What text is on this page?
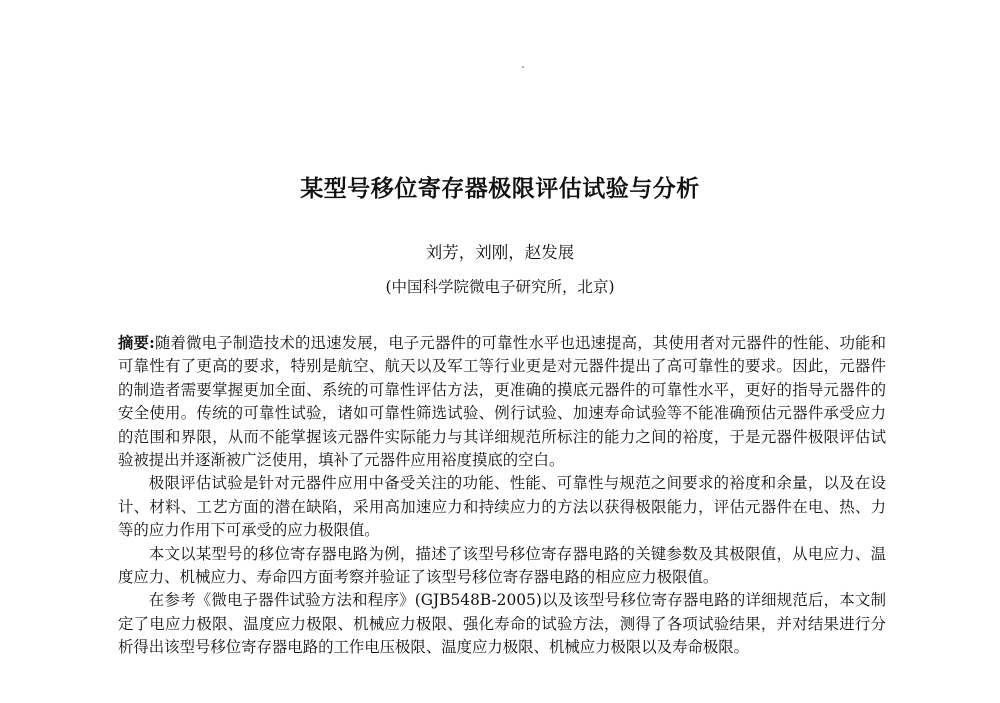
某型号移位寄存器极限评估试验与分析
刘芳，刘刚，赵发展
(中国科学院微电子研究所，北京)

摘要:随着微电子制造技术的迅速发展，电子元器件的可靠性水平也迅速提高，其使用者对元器件的性能、功能和可靠性有了更高的要求，特别是航空、航天以及军工等行业更是对元器件提出了高可靠性的要求。因此，元器件的制造者需要掌握更加全面、系统的可靠性评估方法，更准确的摸底元器件的可靠性水平，更好的指导元器件的安全使用。传统的可靠性试验，诸如可靠性筛选试验、例行试验、加速寿命试验等不能准确预估元器件承受应力的范围和界限，从而不能掌握该元器件实际能力与其详细规范所标注的能力之间的裕度，于是元器件极限评估试验被提出并逐渐被广泛使用，填补了元器件应用裕度摸底的空白。

极限评估试验是针对元器件应用中备受关注的功能、性能、可靠性与规范之间要求的裕度和余量，以及在设计、材料、工艺方面的潜在缺陷，采用高加速应力和持续应力的方法以获得极限能力，评估元器件在电、热、力等的应力作用下可承受的应力极限值。

本文以某型号的移位寄存器电路为例，描述了该型号移位寄存器电路的关键参数及其极限值，从电应力、温度应力、机械应力、寿命四方面考察并验证了该型号移位寄存器电路的相应应力极限值。

在参考《微电子器件试验方法和程序》(GJB548B-2005)以及该型号移位寄存器电路的详细规范后，本文制定了电应力极限、温度应力极限、机械应力极限、强化寿命的试验方法，测得了各项试验结果，并对结果进行分析得出该型号移位寄存器电路的工作电压极限、温度应力极限、机械应力极限以及寿命极限。
